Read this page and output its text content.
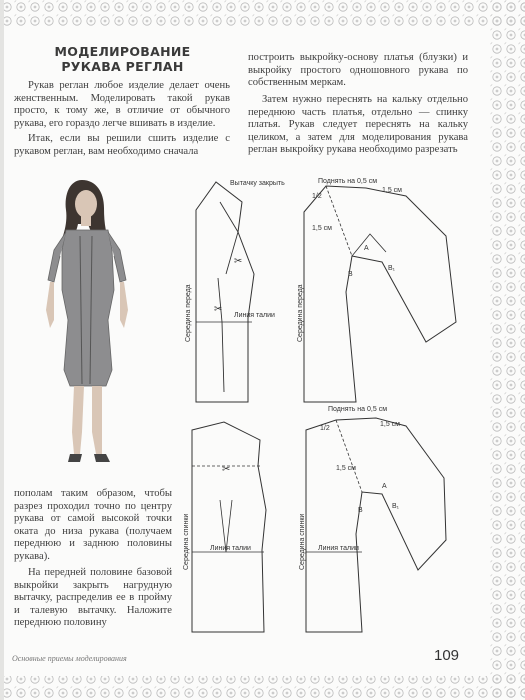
МОДЕЛИРОВАНИЕ
РУКАВА РЕГЛАН
Рукав реглан любое изделие делает очень женственным. Моделировать такой рукав просто, к тому же, в отличие от обычного рукава, его гораздо легче вшивать в изделие.
Итак, если вы решили сшить изделие с рукавом реглан, вам необходимо сначала
построить выкройку-основу платья (блузки) и выкройку простого одношовного рукава по собственным меркам.
Затем нужно переснять на кальку отдельно переднюю часть платья, отдельно — спинку платья. Рукав следует переснять на кальку целиком, а затем для моделирования рукава реглан выкройку рукава необходимо разрезать
пополам таким образом, чтобы разрез проходил точно по центру рукава от самой высокой точки оката до низа рукава (получаем переднюю и заднюю половины рукава).
На передней половине базовой выкройки закрыть нагрудную вытачку, распределив ее в пройму и талевую вытачку. Наложите переднюю половину
Вытачку закрыть
Линия талии
Середина переда
✂
✂
Поднять на 0,5 см
1/2
1,5 см
1,5 см
А
В
В₁
Середина переда
Линия талии
Середина спинки
✂
Поднять на 0,5 см
1/2
1,5 см
1,5 см
А
В
В₁
Линия талии
Середина спинки
Основные приемы моделирования	109
